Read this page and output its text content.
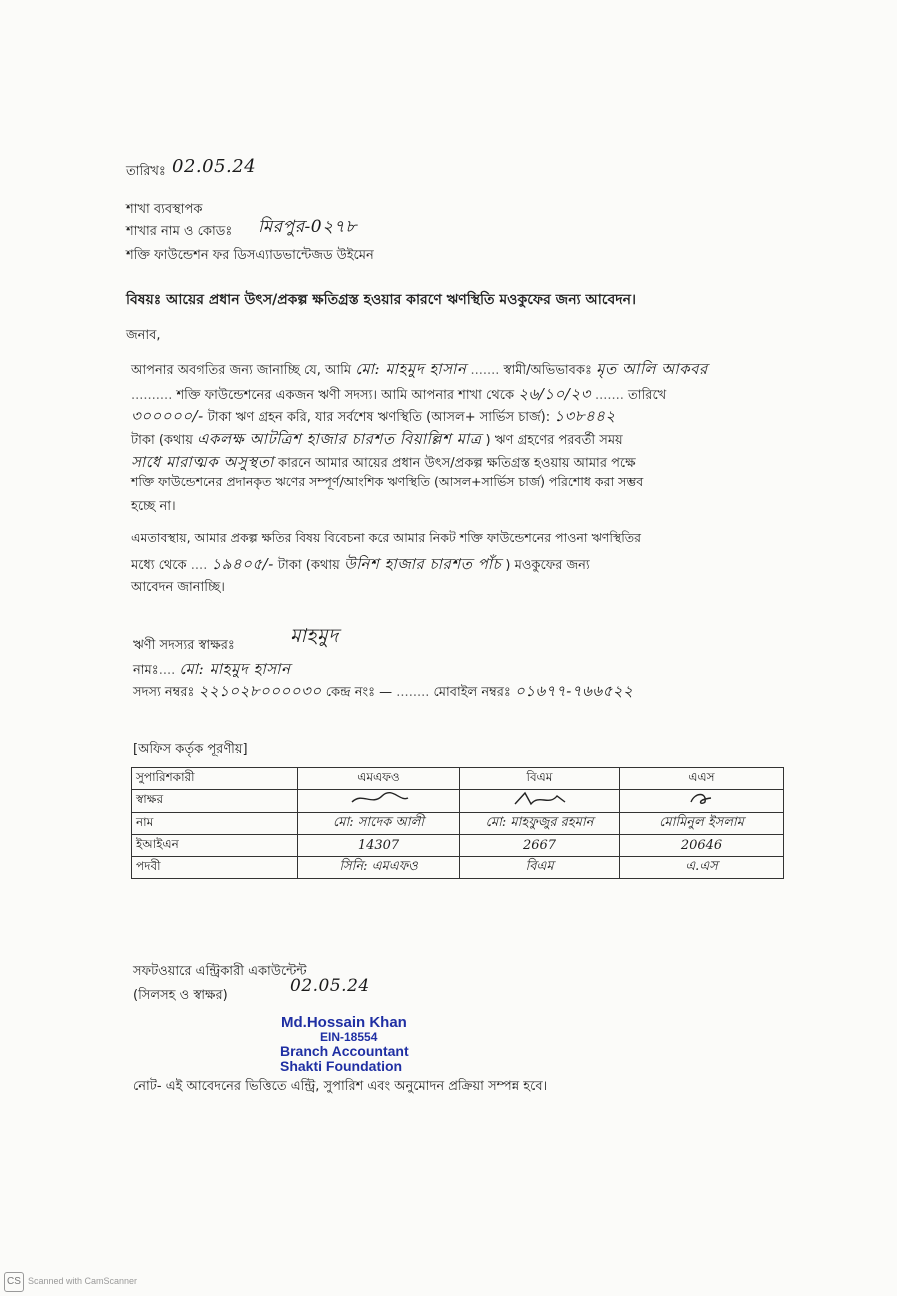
তারিখঃ 02.05.24
শাখা ব্যবস্থাপক
শাখার নাম ও কোডঃ মিরপুর-0২৭৮
শক্তি ফাউন্ডেশন ফর ডিসএ্যাডভান্টেজড উইমেন
বিষয়ঃ আয়ের প্রধান উৎস/প্রকল্প ক্ষতিগ্রস্ত হওয়ার কারণে ঋণস্থিতি মওকুফের জন্য আবেদন।
জনাব,
আপনার অবগতির জন্য জানাচ্ছি যে, আমি মো: মাহমুদ হাসান ....... স্বামী/অভিভাবকঃ মৃত আলি আকবর
.......... শক্তি ফাউন্ডেশনের একজন ঋণী সদস্য। আমি আপনার শাখা থেকে ২৬/১০/২৩ ....... তারিখে
৩০০০০০/- টাকা ঋণ গ্রহন করি, যার সর্বশেষ ঋণস্থিতি (আসল+ সার্ভিস চার্জ): ১৩৮৪৪২
টাকা (কথায় একলক্ষ আটত্রিশ হাজার চারশত বিয়াল্লিশ মাত্র ) ঋণ গ্রহণের পরবর্তী সময়
সাধে মারাত্মক অসুস্থতা কারনে আমার আয়ের প্রধান উৎস/প্রকল্প ক্ষতিগ্রস্ত হওয়ায় আমার পক্ষে
শক্তি ফাউন্ডেশনের প্রদানকৃত ঋণের সম্পূর্ণ/আংশিক ঋণস্থিতি (আসল+সার্ভিস চার্জ) পরিশোধ করা সম্ভব
হচ্ছে না।
এমতাবস্থায়, আমার প্রকল্প ক্ষতির বিষয় বিবেচনা করে আমার নিকট শক্তি ফাউন্ডেশনের পাওনা ঋণস্থিতির
মধ্যে থেকে .... ১৯৪০৫/- টাকা (কথায় উনিশ হাজার চারশত পাঁচ ) মওকুফের জন্য
আবেদন জানাচ্ছি।
ঋণী সদস্যর স্বাক্ষরঃ	মাহমুদ
নামঃ.... মো: মাহমুদ হাসান
সদস্য নম্বরঃ ২২১০২৮০০০০৩০ কেন্দ্র নংঃ — ........ মোবাইল নম্বরঃ ০১৬৭৭-৭৬৬৫২২
[অফিস কর্তৃক পূরণীয়]
সুপারিশকারী	এমএফও	বিএম	এএস
স্বাক্ষর			
নাম	মো: সাদেক আলী	মো: মাহফুজুর রহমান	মোমিনুল ইসলাম
ইআইএন	14307	2667	20646
পদবী	সিনি: এমএফও	বিএম	এ.এস
সফটওয়ারে এন্ট্রিকারী একাউন্টেন্ট
(সিলসহ ও স্বাক্ষর)	02.05.24
Md.Hossain Khan
EIN-18554
Branch Accountant
Shakti Foundation
নোট- এই আবেদনের ভিত্তিতে এন্ট্রি, সুপারিশ এবং অনুমোদন প্রক্রিয়া সম্পন্ন হবে।
CS Scanned with CamScanner
